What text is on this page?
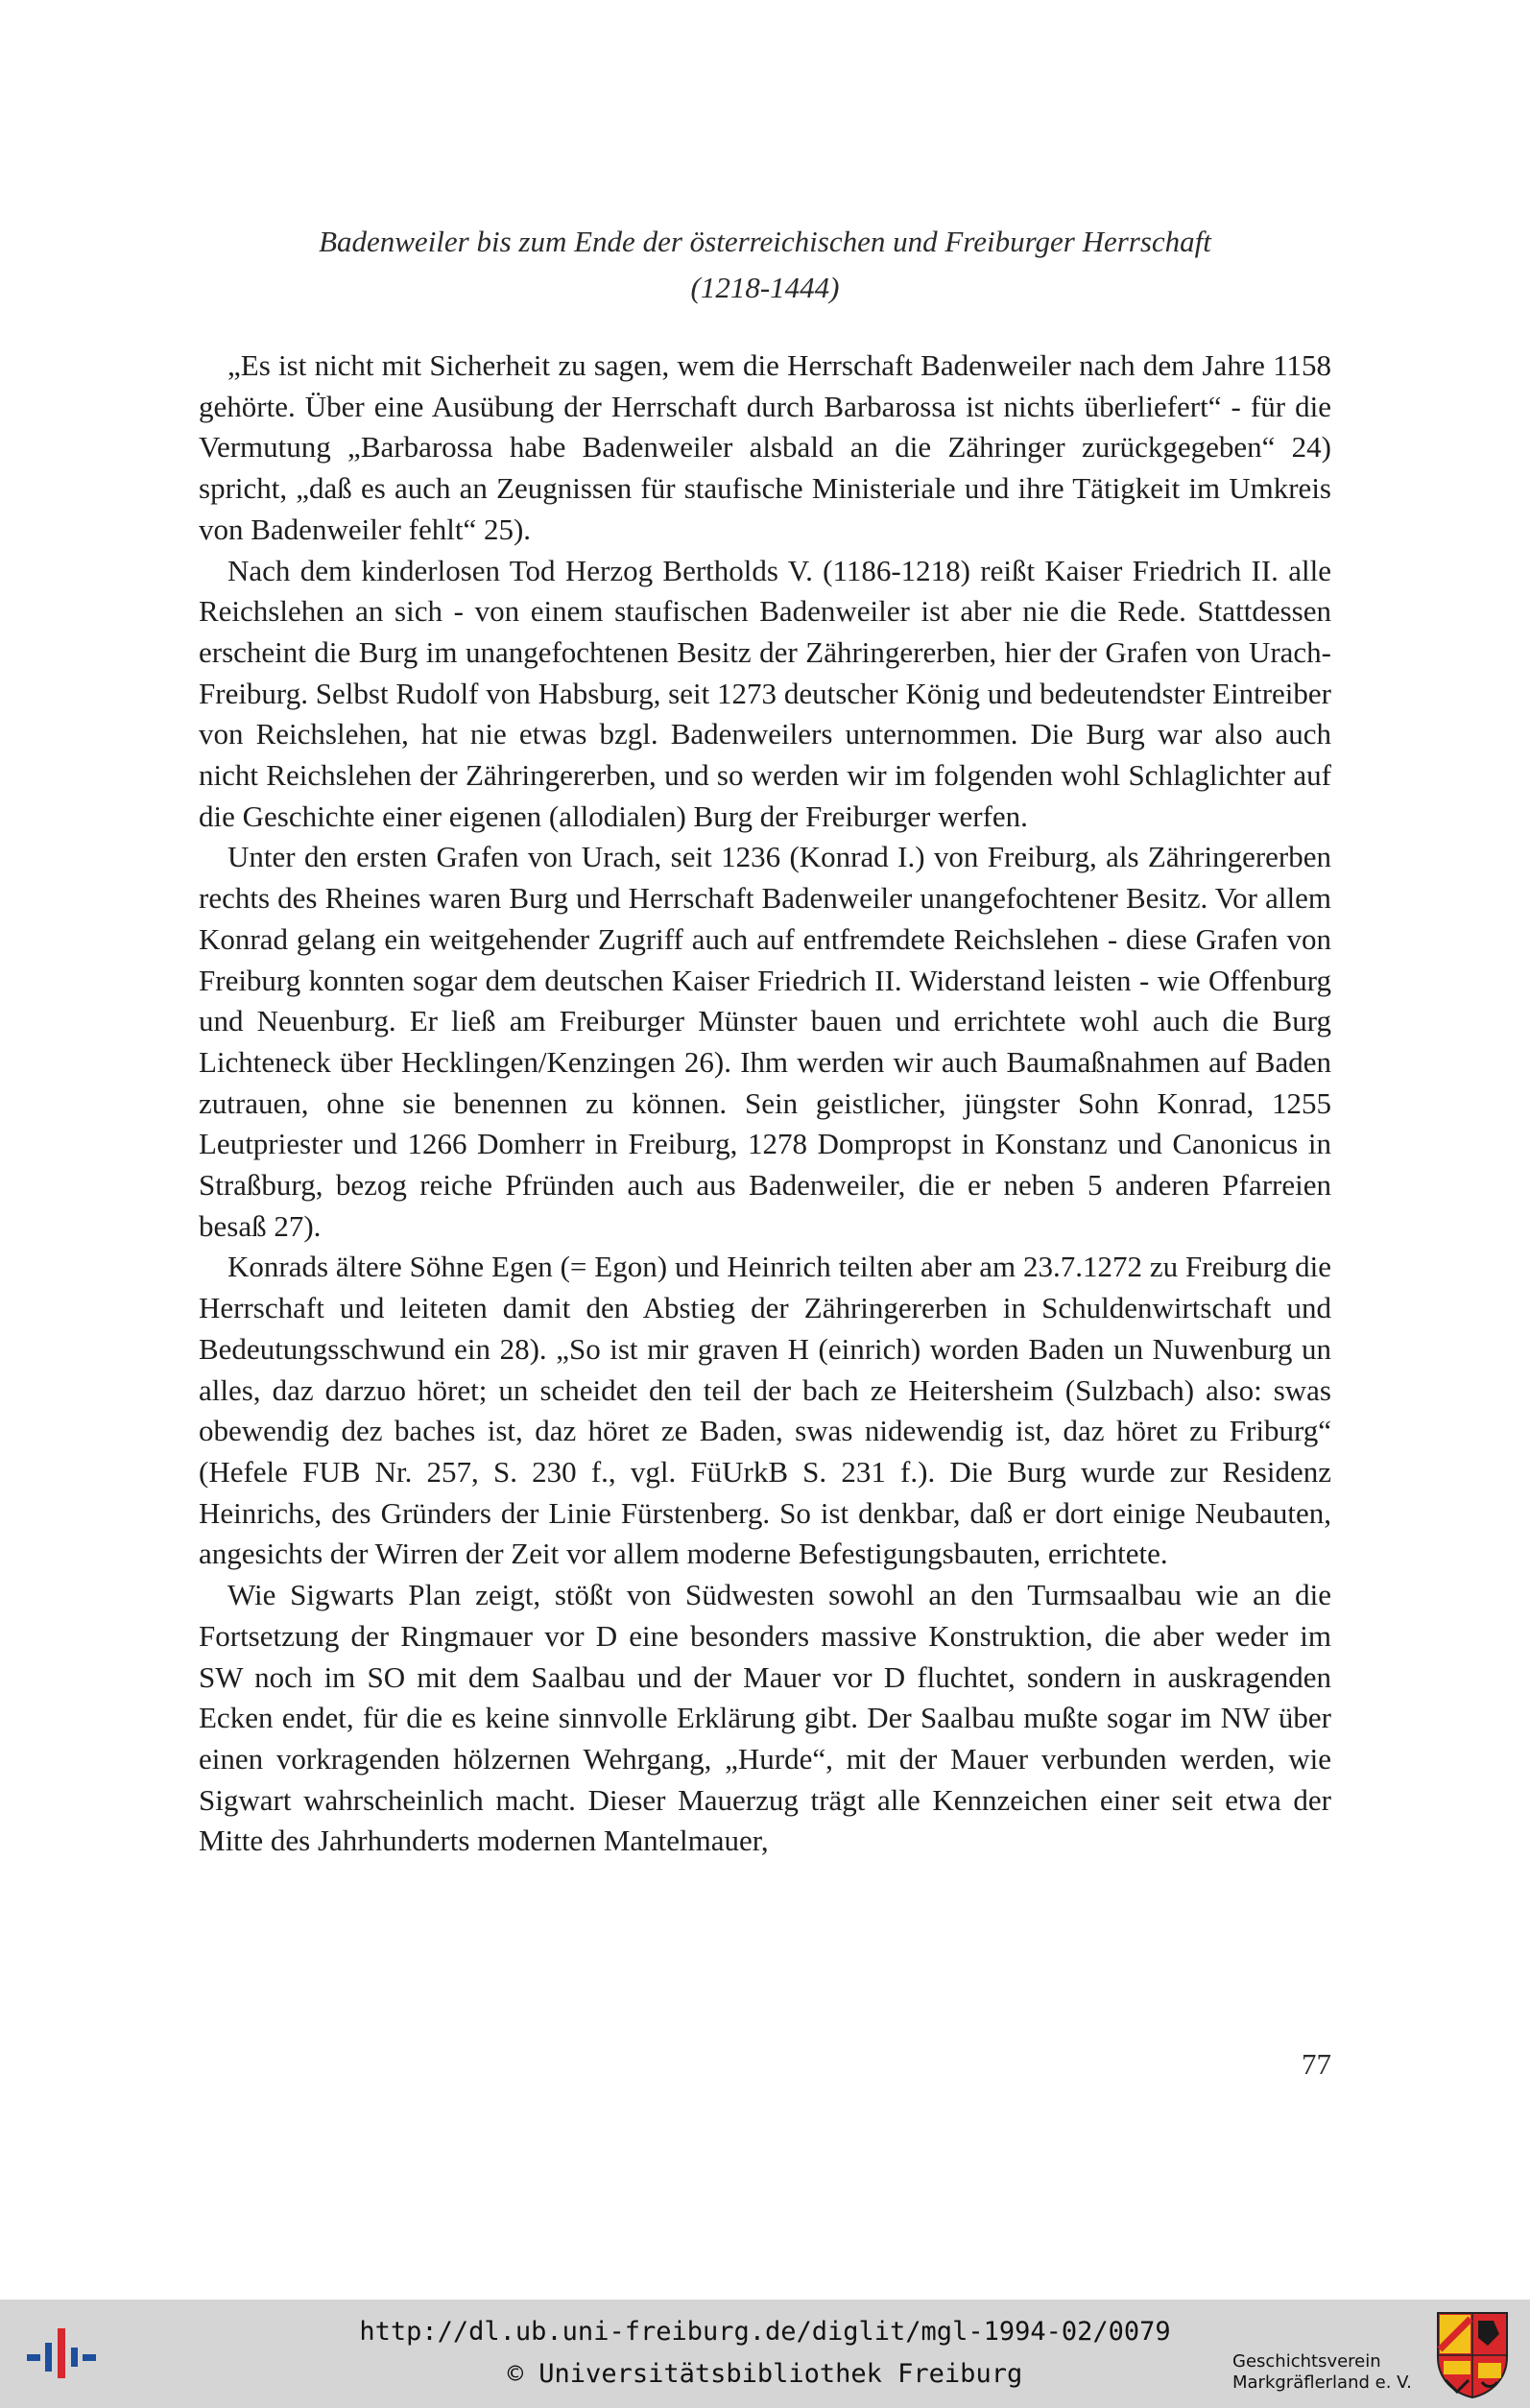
Badenweiler bis zum Ende der österreichischen und Freiburger Herrschaft
(1218-1444)

„Es ist nicht mit Sicherheit zu sagen, wem die Herrschaft Badenweiler nach dem Jahre 1158 gehörte. Über eine Ausübung der Herrschaft durch Barbarossa ist nichts überliefert“ - für die Vermutung „Barbarossa habe Badenweiler alsbald an die Zähringer zurückgegeben“ 24) spricht, „daß es auch an Zeugnissen für staufische Ministeriale und ihre Tätigkeit im Umkreis von Badenweiler fehlt“ 25).

Nach dem kinderlosen Tod Herzog Bertholds V. (1186-1218) reißt Kaiser Friedrich II. alle Reichslehen an sich - von einem staufischen Badenweiler ist aber nie die Rede. Stattdessen erscheint die Burg im unangefochtenen Besitz der Zähringererben, hier der Grafen von Urach-Freiburg. Selbst Rudolf von Habsburg, seit 1273 deutscher König und bedeutendster Eintreiber von Reichslehen, hat nie etwas bzgl. Badenweilers unternommen. Die Burg war also auch nicht Reichslehen der Zähringererben, und so werden wir im folgenden wohl Schlaglichter auf die Geschichte einer eigenen (allodialen) Burg der Freiburger werfen.

Unter den ersten Grafen von Urach, seit 1236 (Konrad I.) von Freiburg, als Zähringererben rechts des Rheines waren Burg und Herrschaft Badenweiler unangefochtener Besitz. Vor allem Konrad gelang ein weitgehender Zugriff auch auf entfremdete Reichslehen - diese Grafen von Freiburg konnten sogar dem deutschen Kaiser Friedrich II. Widerstand leisten - wie Offenburg und Neuenburg. Er ließ am Freiburger Münster bauen und errichtete wohl auch die Burg Lichteneck über Hecklingen/Kenzingen 26). Ihm werden wir auch Baumaßnahmen auf Baden zutrauen, ohne sie benennen zu können. Sein geistlicher, jüngster Sohn Konrad, 1255 Leutpriester und 1266 Domherr in Freiburg, 1278 Dompropst in Konstanz und Canonicus in Straßburg, bezog reiche Pfründen auch aus Badenweiler, die er neben 5 anderen Pfarreien besaß 27).

Konrads ältere Söhne Egen (= Egon) und Heinrich teilten aber am 23.7.1272 zu Freiburg die Herrschaft und leiteten damit den Abstieg der Zähringererben in Schuldenwirtschaft und Bedeutungsschwund ein 28). „So ist mir graven H (einrich) worden Baden un Nuwenburg un alles, daz darzuo höret; un scheidet den teil der bach ze Heitersheim (Sulzbach) also: swas obewendig dez baches ist, daz höret ze Baden, swas nidewendig ist, daz höret zu Friburg“ (Hefele FUB Nr. 257, S. 230 f., vgl. FüUrkB S. 231 f.). Die Burg wurde zur Residenz Heinrichs, des Gründers der Linie Fürstenberg. So ist denkbar, daß er dort einige Neubauten, angesichts der Wirren der Zeit vor allem moderne Befestigungsbauten, errichtete.

Wie Sigwarts Plan zeigt, stößt von Südwesten sowohl an den Turmsaalbau wie an die Fortsetzung der Ringmauer vor D eine besonders massive Konstruktion, die aber weder im SW noch im SO mit dem Saalbau und der Mauer vor D fluchtet, sondern in auskragenden Ecken endet, für die es keine sinnvolle Erklärung gibt. Der Saalbau mußte sogar im NW über einen vorkragenden hölzernen Wehrgang, „Hurde“, mit der Mauer verbunden werden, wie Sigwart wahrscheinlich macht. Dieser Mauerzug trägt alle Kennzeichen einer seit etwa der Mitte des Jahrhunderts modernen Mantelmauer,

77
http://dl.ub.uni-freiburg.de/diglit/mgl-1994-02/0079
© Universitätsbibliothek Freiburg	Geschichtsverein
Markgräflerland e. V.
